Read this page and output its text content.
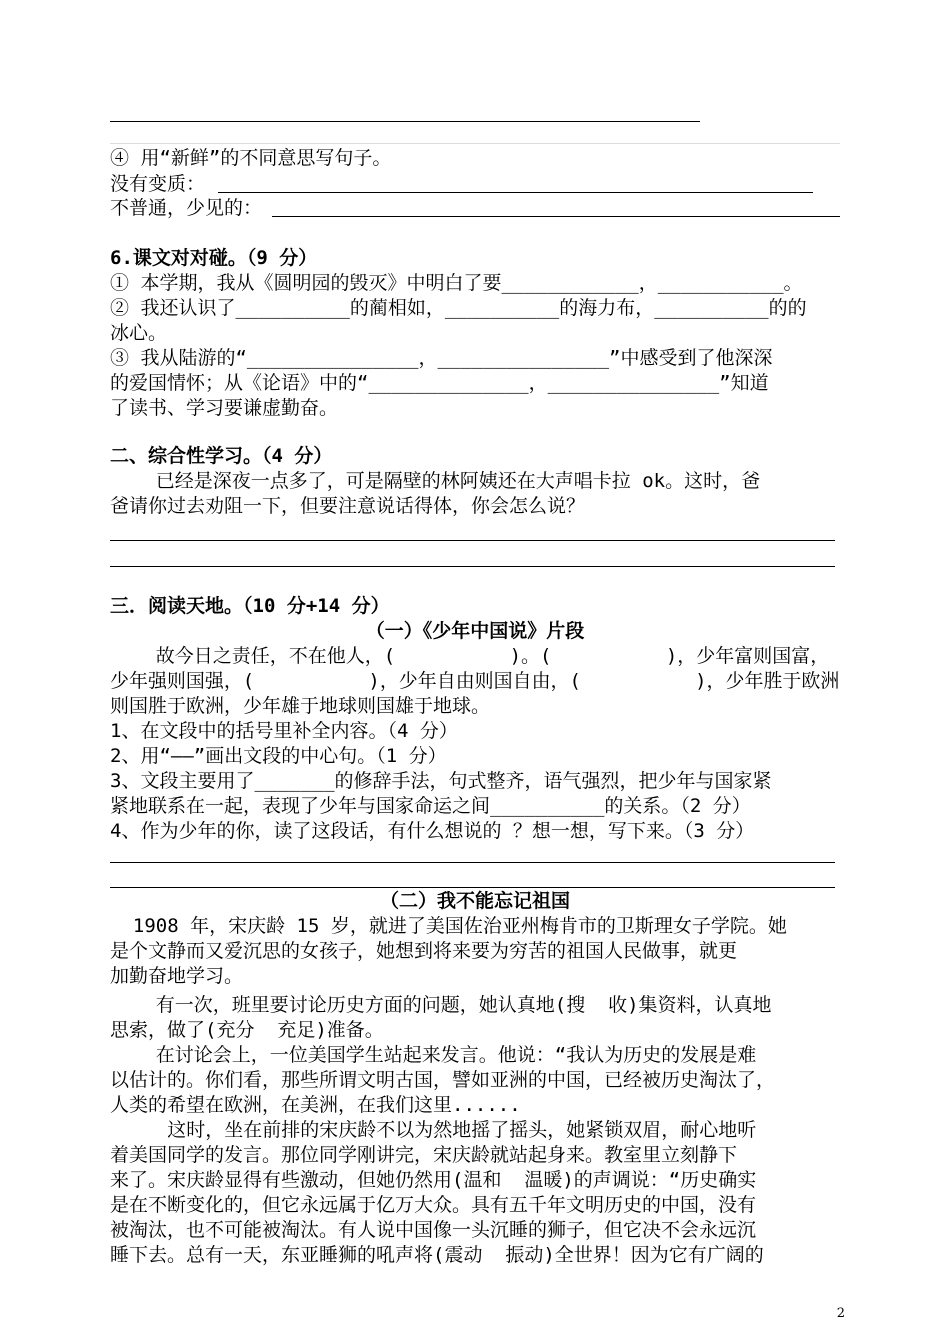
④ 用“新鲜”的不同意思写句子。
没有变质：
不普通，少见的：
6.课文对对碰。（9 分）
① 本学期，我从《圆明园的毁灭》中明白了要____________，___________。
② 我还认识了__________的蔺相如，__________的海力布，__________的的
冰心。
③ 我从陆游的“_______________，_______________”中感受到了他深深
的爱国情怀；从《论语》中的“______________，_______________”知道
了读书、学习要谦虚勤奋。
二、综合性学习。（4 分）
已经是深夜一点多了，可是隔壁的林阿姨还在大声唱卡拉 ok。这时，爸
爸请你过去劝阻一下，但要注意说话得体，你会怎么说？
三．阅读天地。（10 分+14 分）
（一）《少年中国说》片段
故今日之责任，不在他人，(          )。(          )，少年富则国富，
少年强则国强，(          )，少年自由则国自由，(          )，少年胜于欧洲
则国胜于欧洲，少年雄于地球则国雄于地球。
1、在文段中的括号里补全内容。（4 分）
2、用“——”画出文段的中心句。（1 分）
3、文段主要用了_______的修辞手法，句式整齐，语气强烈，把少年与国家紧
紧地联系在一起，表现了少年与国家命运之间__________的关系。（2 分）
4、作为少年的你，读了这段话，有什么想说的 ？想一想，写下来。（3 分）
（二）我不能忘记祖国
1908 年，宋庆龄 15 岁，就进了美国佐治亚州梅肯市的卫斯理女子学院。她
是个文静而又爱沉思的女孩子，她想到将来要为穷苦的祖国人民做事，就更
加勤奋地学习。
有一次，班里要讨论历史方面的问题，她认真地(搜  收)集资料，认真地
思索，做了(充分  充足)准备。
在讨论会上，一位美国学生站起来发言。他说：“我认为历史的发展是难
以估计的。你们看，那些所谓文明古国，譬如亚洲的中国，已经被历史淘汰了，
人类的希望在欧洲，在美洲，在我们这里......
这时，坐在前排的宋庆龄不以为然地摇了摇头，她紧锁双眉，耐心地听
着美国同学的发言。那位同学刚讲完，宋庆龄就站起身来。教室里立刻静下
来了。宋庆龄显得有些激动，但她仍然用(温和  温暖)的声调说：“历史确实
是在不断变化的，但它永远属于亿万大众。具有五千年文明历史的中国，没有
被淘汰，也不可能被淘汰。有人说中国像一头沉睡的狮子，但它决不会永远沉
睡下去。总有一天，东亚睡狮的吼声将(震动  振动)全世界！因为它有广阔的
2
